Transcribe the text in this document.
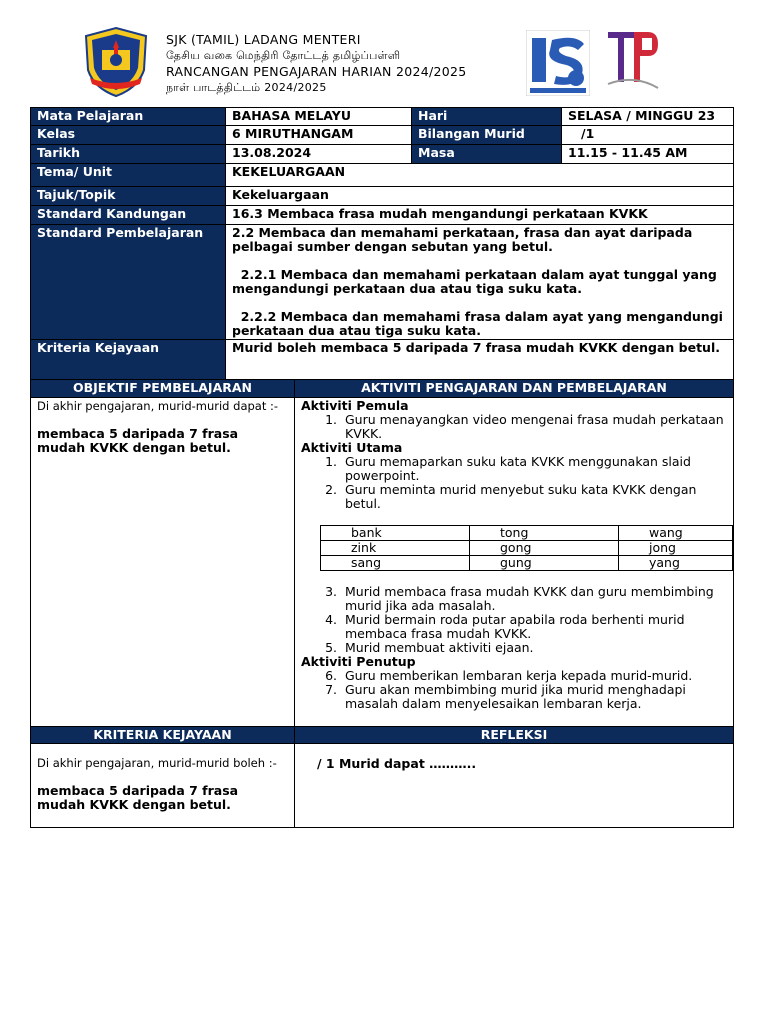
SJK (TAMIL) LADANG MENTERI
தேசிய வகை மெந்திரி தோட்டத் தமிழ்ப்பள்ளி
RANCANGAN PENGAJARAN HARIAN 2024/2025
நாள் பாடத்திட்டம் 2024/2025
Mata Pelajaran	BAHASA MELAYU	Hari	SELASA / MINGGU 23
Kelas	6 MIRUTHANGAM	Bilangan Murid	/1
Tarikh	13.08.2024	Masa	11.15 - 11.45 AM
Tema/ Unit	KEKELUARGAAN		
Tajuk/Topik	Kekeluargaan		
Standard Kandungan	16.3 Membaca frasa mudah mengandungi perkataan KVKK		
Standard Pembelajaran	2.2 Membaca dan memahami perkataan, frasa dan ayat daripada pelbagai sumber dengan sebutan yang betul.
2.2.1 Membaca dan memahami perkataan dalam ayat tunggal yang mengandungi perkataan dua atau tiga suku kata.
2.2.2 Membaca dan memahami frasa dalam ayat yang mengandungi perkataan dua atau tiga suku kata.		

Kriteria Kejayaan	Murid boleh membaca 5 daripada 7 frasa mudah KVKK dengan betul.		
OBJEKTIF PEMBELAJARAN	AKTIVITI PENGAJARAN DAN PEMBELAJARAN

Di akhir pengajaran, murid-murid dapat :-
membaca 5 daripada 7 frasa mudah KVKK dengan betul.

Aktiviti Pemula
1. Guru menayangkan video mengenai frasa mudah perkataan KVKK.
Aktiviti Utama
1. Guru memaparkan suku kata KVKK menggunakan slaid powerpoint.
2. Guru meminta murid menyebut suku kata KVKK dengan betul.
bank	tong	wang
zink	gong	jong
sang	gung	yang
3. Murid membaca frasa mudah KVKK dan guru membimbing murid jika ada masalah.
4. Murid bermain roda putar apabila roda berhenti murid membaca frasa mudah KVKK.
5. Murid membuat aktiviti ejaan.
Aktiviti Penutup
6. Guru memberikan lembaran kerja kepada murid-murid.
7. Guru akan membimbing murid jika murid menghadapi masalah dalam menyelesaikan lembaran kerja.
KRITERIA KEJAYAAN	REFLEKSI

Di akhir pengajaran, murid-murid boleh :-
membaca 5 daripada 7 frasa mudah KVKK dengan betul.	/ 1 Murid dapat ………..
